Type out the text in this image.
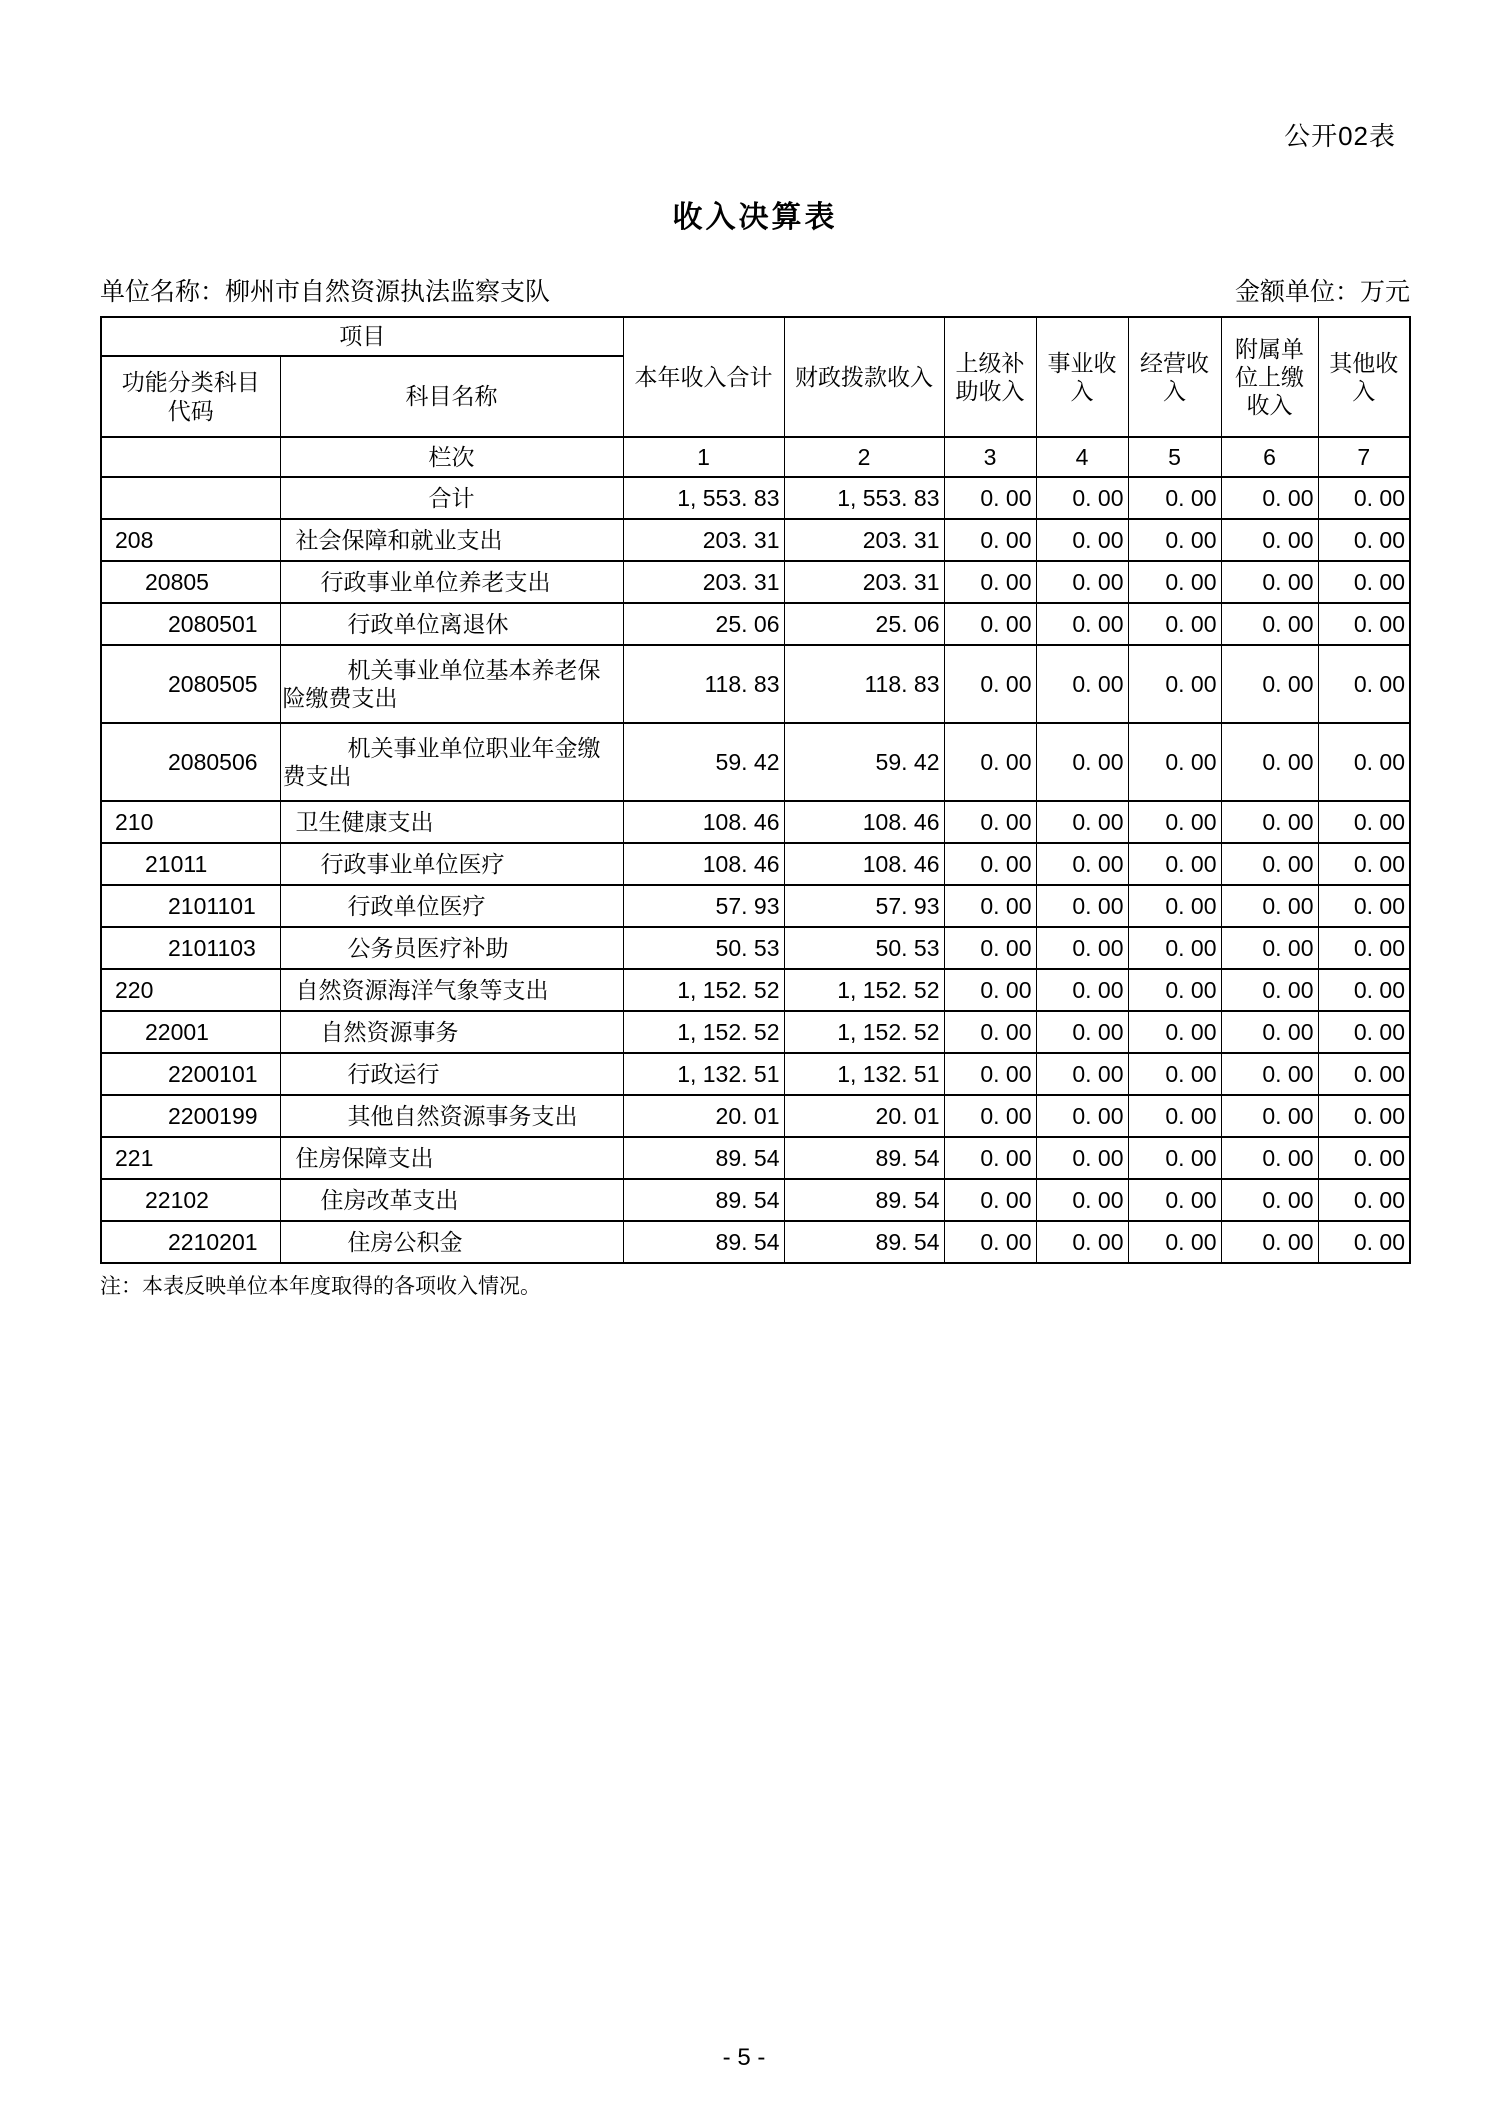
公开02表
收入决算表
单位名称：柳州市自然资源执法监察支队	金额单位：万元
项目		本年收入合计	财政拨款收入	上级补助收入	事业收入	经营收入	附属单位上缴收入	其他收入
功能分类科目代码	科目名称							
	栏次	1	2	3	4	5	6	7
	合计	1, 553. 83	1, 553. 83	0. 00	0. 00	0. 00	0. 00	0. 00
208	社会保障和就业支出	203. 31	203. 31	0. 00	0. 00	0. 00	0. 00	0. 00
20805	行政事业单位养老支出	203. 31	203. 31	0. 00	0. 00	0. 00	0. 00	0. 00
2080501	行政单位离退休	25. 06	25. 06	0. 00	0. 00	0. 00	0. 00	0. 00
2080505	机关事业单位基本养老保险缴费支出	118. 83	118. 83	0. 00	0. 00	0. 00	0. 00	0. 00
2080506	机关事业单位职业年金缴费支出	59. 42	59. 42	0. 00	0. 00	0. 00	0. 00	0. 00
210	卫生健康支出	108. 46	108. 46	0. 00	0. 00	0. 00	0. 00	0. 00
21011	行政事业单位医疗	108. 46	108. 46	0. 00	0. 00	0. 00	0. 00	0. 00
2101101	行政单位医疗	57. 93	57. 93	0. 00	0. 00	0. 00	0. 00	0. 00
2101103	公务员医疗补助	50. 53	50. 53	0. 00	0. 00	0. 00	0. 00	0. 00
220	自然资源海洋气象等支出	1, 152. 52	1, 152. 52	0. 00	0. 00	0. 00	0. 00	0. 00
22001	自然资源事务	1, 152. 52	1, 152. 52	0. 00	0. 00	0. 00	0. 00	0. 00
2200101	行政运行	1, 132. 51	1, 132. 51	0. 00	0. 00	0. 00	0. 00	0. 00
2200199	其他自然资源事务支出	20. 01	20. 01	0. 00	0. 00	0. 00	0. 00	0. 00
221	住房保障支出	89. 54	89. 54	0. 00	0. 00	0. 00	0. 00	0. 00
22102	住房改革支出	89. 54	89. 54	0. 00	0. 00	0. 00	0. 00	0. 00
2210201	住房公积金	89. 54	89. 54	0. 00	0. 00	0. 00	0. 00	0. 00
注：本表反映单位本年度取得的各项收入情况。
- 5 -
